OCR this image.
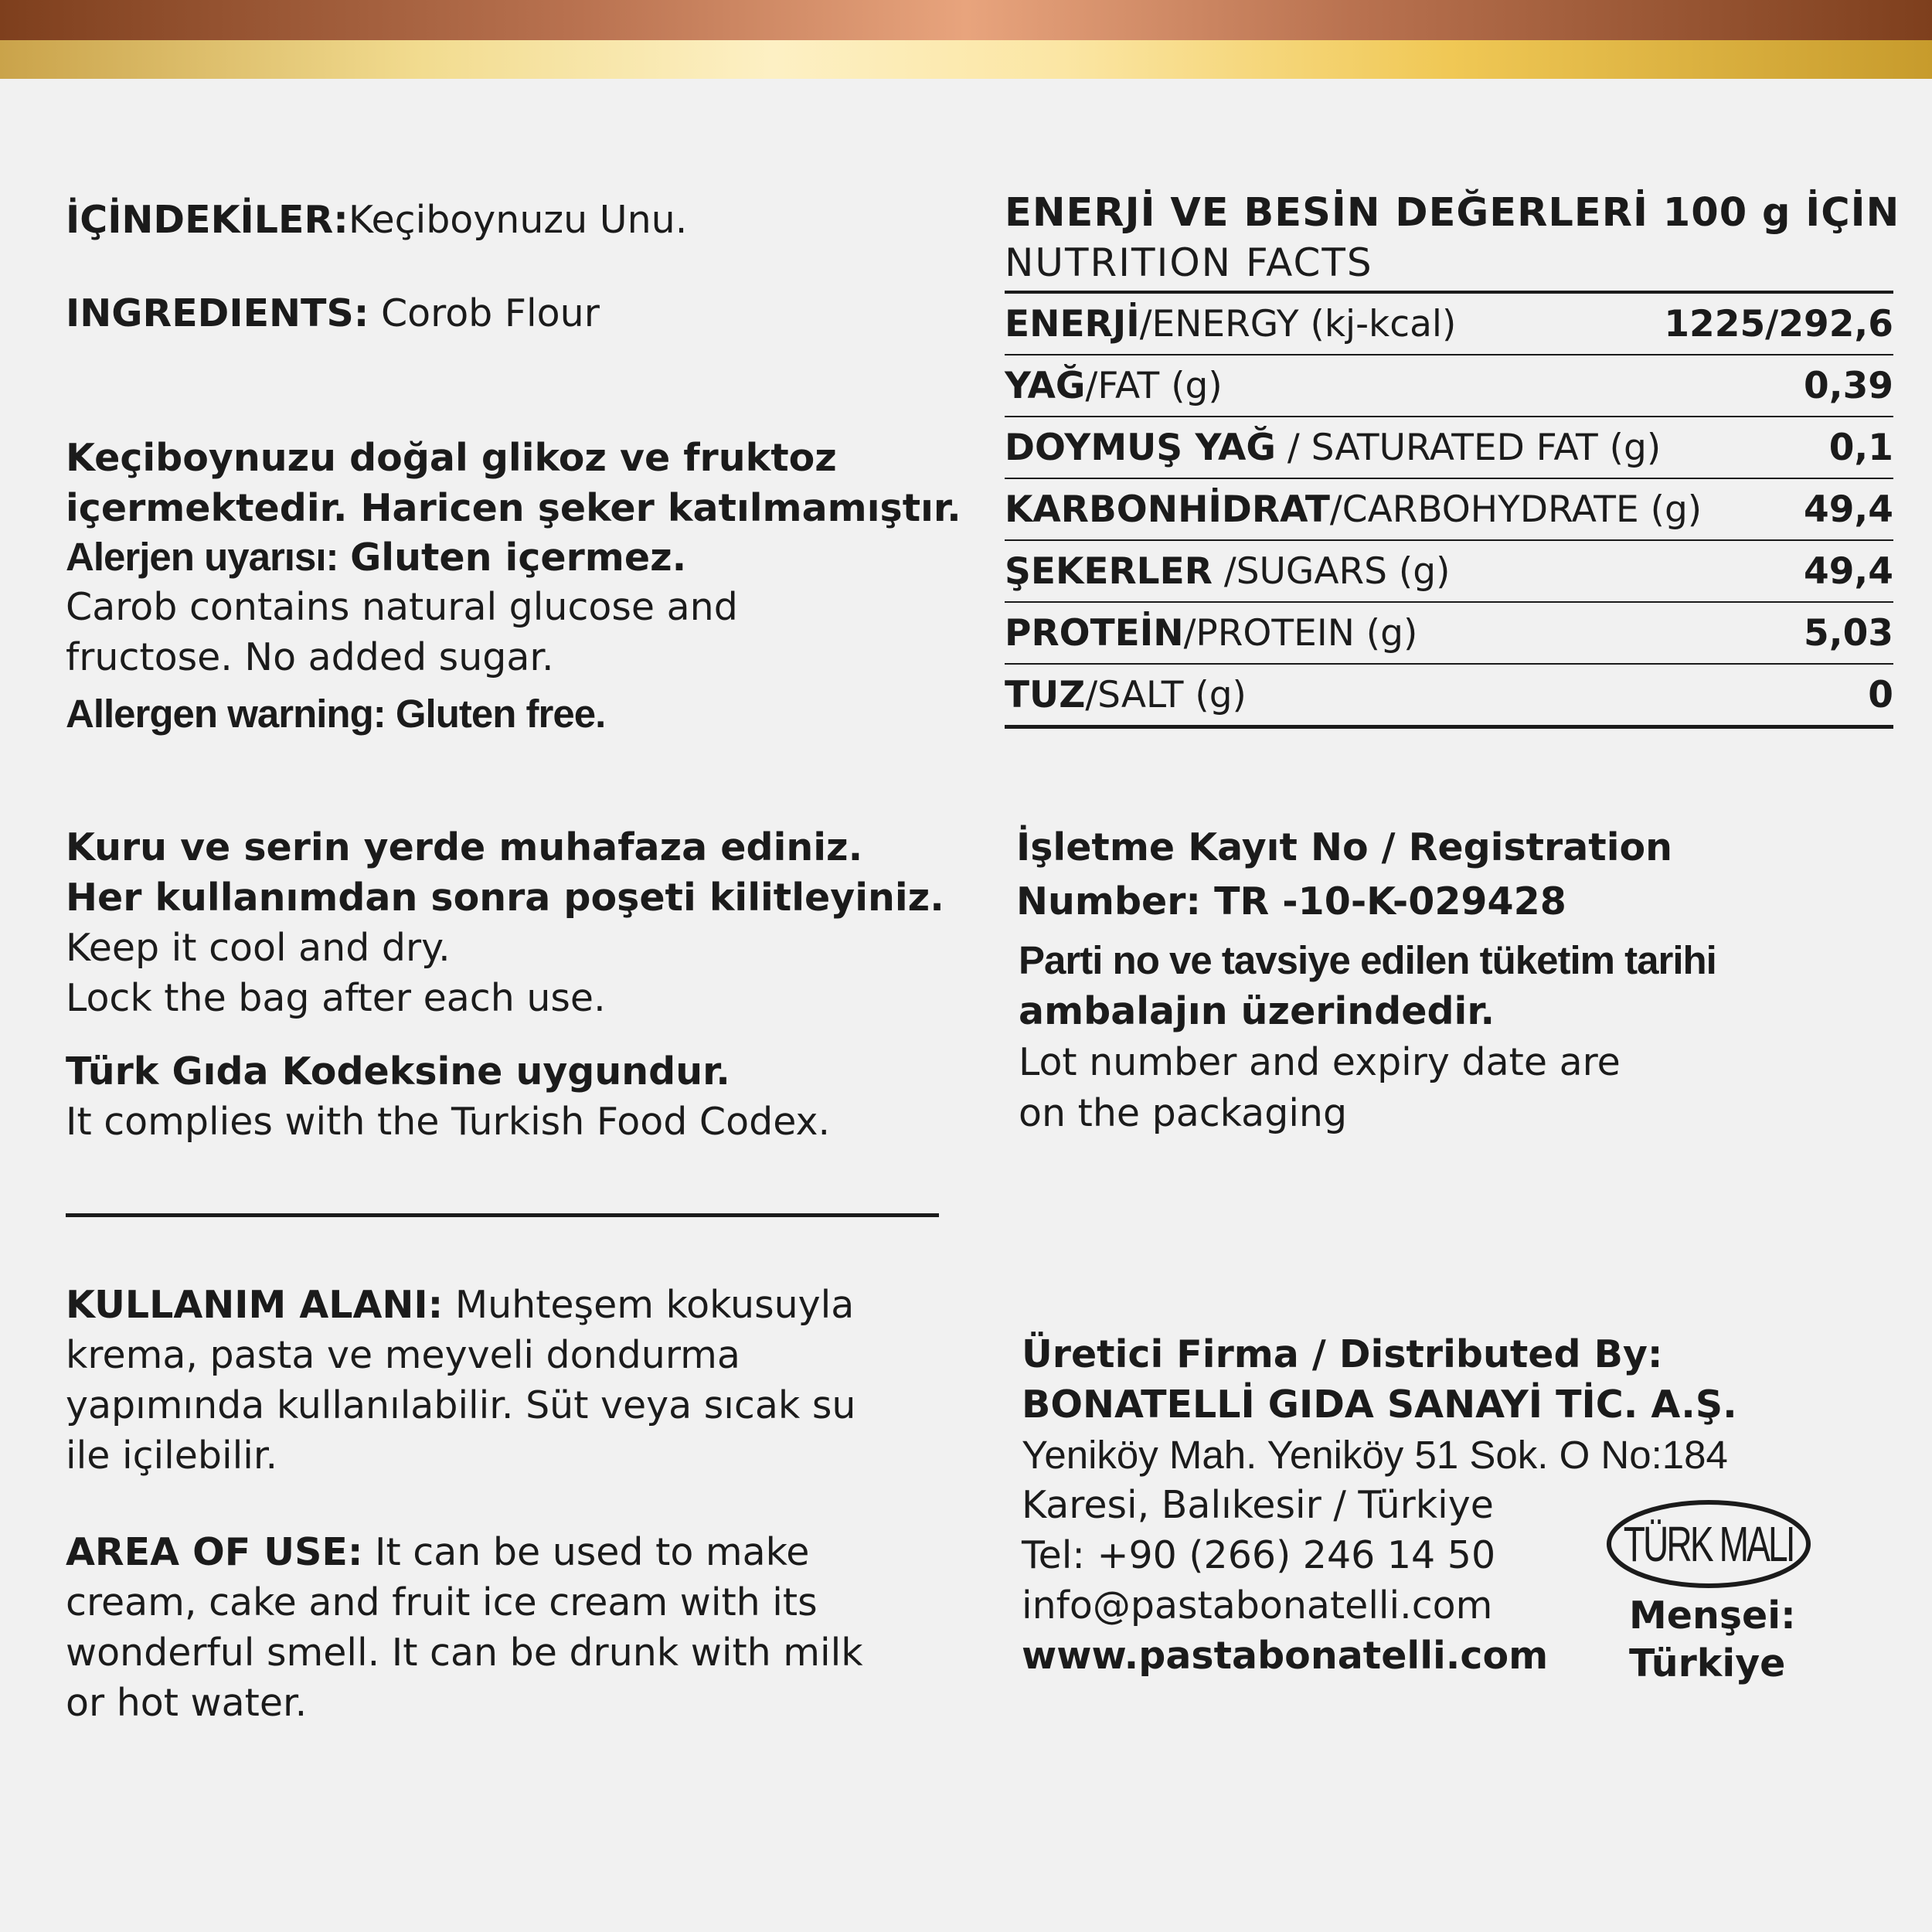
İÇİNDEKİLER:Keçiboynuzu Unu.

INGREDIENTS: Corob Flour

Keçiboynuzu doğal glikoz ve fruktoz

içermektedir. Haricen şeker katılmamıştır.

Alerjen uyarısı: Gluten içermez.

Carob contains natural glucose and

fructose. No added sugar.

Allergen warning: Gluten free.

Kuru ve serin yerde muhafaza ediniz.

Her kullanımdan sonra poşeti kilitleyiniz.

Keep it cool and dry.

Lock the bag after each use.

Türk Gıda Kodeksine uygundur.

It complies with the Turkish Food Codex.

KULLANIM ALANI: Muhteşem kokusuyla

krema, pasta ve meyveli dondurma

yapımında kullanılabilir. Süt veya sıcak su

ile içilebilir.

AREA OF USE: It can be used to make

cream, cake and fruit ice cream with its

wonderful smell. It can be drunk with milk

or hot water.

ENERJİ VE BESİN DEĞERLERİ 100 g İÇİN
NUTRITION FACTS
ENERJİ/ENERGY (kj-kcal)	1225/292,6
YAĞ/FAT (g)	0,39
DOYMUŞ YAĞ / SATURATED FAT (g)	0,1
KARBONHİDRAT/CARBOHYDRATE (g)	49,4
ŞEKERLER /SUGARS (g)	49,4
PROTEİN/PROTEIN (g)	5,03
TUZ/SALT (g)	0

İşletme Kayıt No / Registration

Number: TR -10-K-029428

Parti no ve tavsiye edilen tüketim tarihi

ambalajın üzerindedir.

Lot number and expiry date are

on the packaging

Üretici Firma / Distributed By:

BONATELLİ GIDA SANAYİ TİC. A.Ş.

Yeniköy Mah. Yeniköy 51 Sok. O No:184

Karesi, Balıkesir / Türkiye

Tel: +90 (266) 246 14 50

info@pastabonatelli.com

www.pastabonatelli.com

TÜRK MALI
Menşei:
Türkiye
